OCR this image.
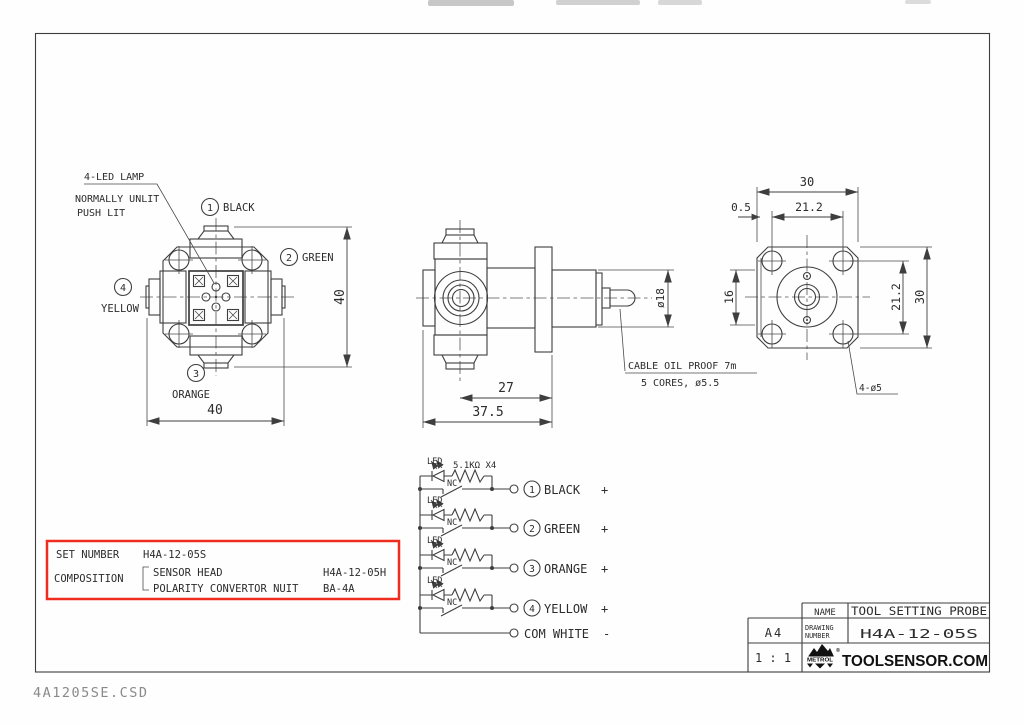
4-LED LAMP
NORMALLY UNLIT
PUSH LIT	1 BLACK
2 GREEN
3
ORANGE
4
YELLOW
40
40
ø18
27
37.5
CABLE OIL PROOF 7m
5 CORES, ø5.5
30
21.2
0.5
16	21.2 30
4-ø5
LED 5.1KΩ X4
NC
1 BLACK +
LED
NC
2 GREEN +
LED
NC
3 ORANGE +
LED
NC
4 YELLOW +
COM WHITE -
SET NUMBER H4A-12-05S
COMPOSITION	SENSOR HEAD	H4A-12-05H
POLARITY CONVERTOR NUIT BA-4A
NAME TOOL SETTING PROBE
DRAWING
NUMBER H4A-12-05S
A4
1 : 1	METROL
®
TOOLSENSOR.COM
4A1205SE.CSD
